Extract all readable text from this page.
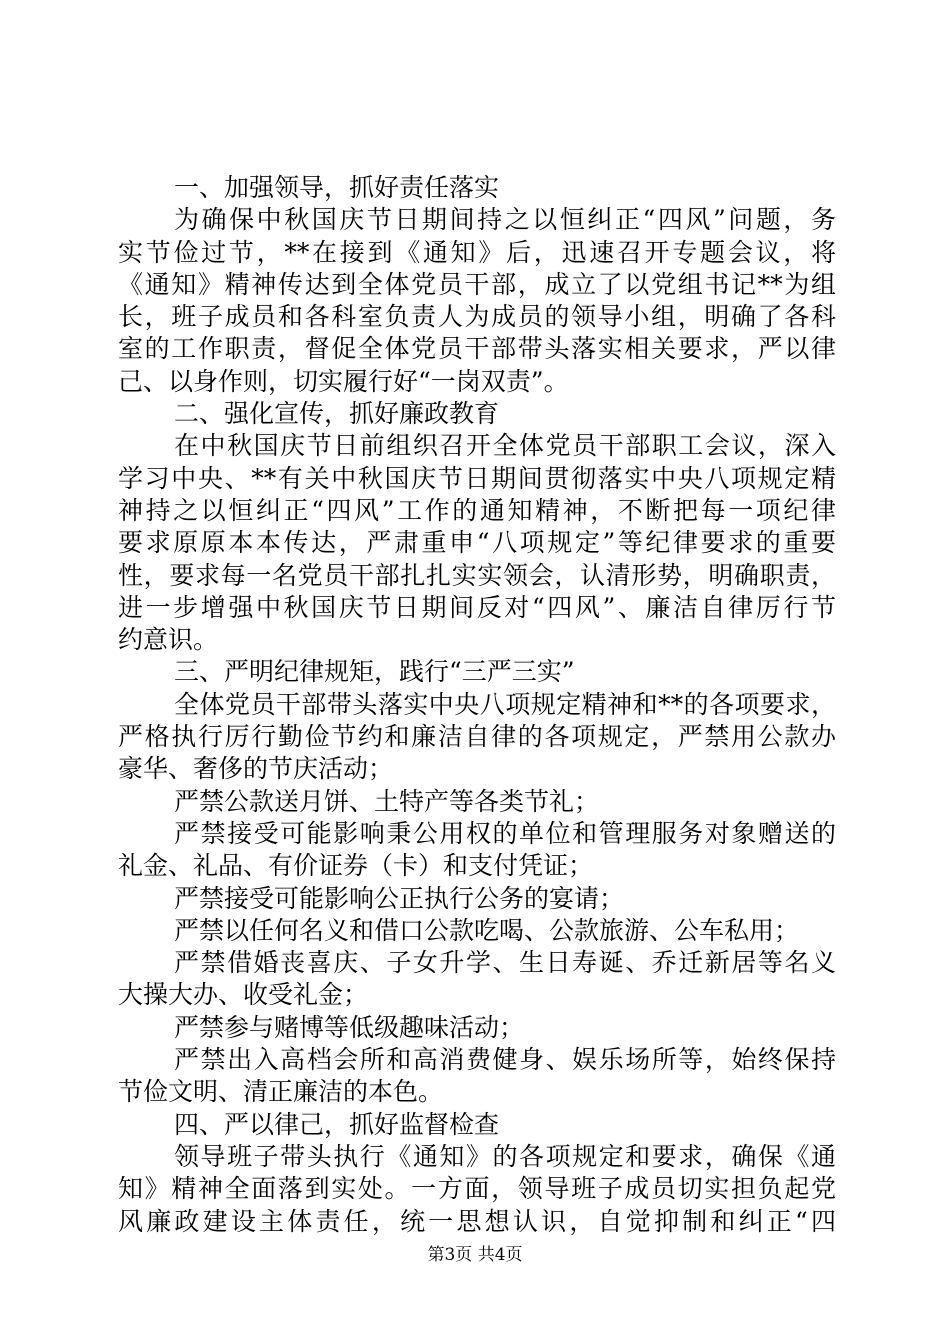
一、加强领导，抓好责任落实
为确保中秋国庆节日期间持之以恒纠正“四风”问题，务
实节俭过节，**在接到《通知》后，迅速召开专题会议，将
《通知》精神传达到全体党员干部，成立了以党组书记**为组
长，班子成员和各科室负责人为成员的领导小组，明确了各科
室的工作职责，督促全体党员干部带头落实相关要求，严以律
己、以身作则，切实履行好“一岗双责”。
二、强化宣传，抓好廉政教育
在中秋国庆节日前组织召开全体党员干部职工会议，深入
学习中央、**有关中秋国庆节日期间贯彻落实中央八项规定精
神持之以恒纠正“四风”工作的通知精神，不断把每一项纪律
要求原原本本传达，严肃重申“八项规定”等纪律要求的重要
性，要求每一名党员干部扎扎实实领会，认清形势，明确职责，
进一步增强中秋国庆节日期间反对“四风”、廉洁自律厉行节
约意识。
三、严明纪律规矩，践行“三严三实”
全体党员干部带头落实中央八项规定精神和**的各项要求，
严格执行厉行勤俭节约和廉洁自律的各项规定，严禁用公款办
豪华、奢侈的节庆活动；
严禁公款送月饼、土特产等各类节礼；
严禁接受可能影响秉公用权的单位和管理服务对象赠送的
礼金、礼品、有价证券（卡）和支付凭证；
严禁接受可能影响公正执行公务的宴请；
严禁以任何名义和借口公款吃喝、公款旅游、公车私用；
严禁借婚丧喜庆、子女升学、生日寿诞、乔迁新居等名义
大操大办、收受礼金；
严禁参与赌博等低级趣味活动；
严禁出入高档会所和高消费健身、娱乐场所等，始终保持
节俭文明、清正廉洁的本色。
四、严以律己，抓好监督检查
领导班子带头执行《通知》的各项规定和要求，确保《通
知》精神全面落到实处。一方面，领导班子成员切实担负起党
风廉政建设主体责任，统一思想认识，自觉抑制和纠正“四
第3页 共4页
